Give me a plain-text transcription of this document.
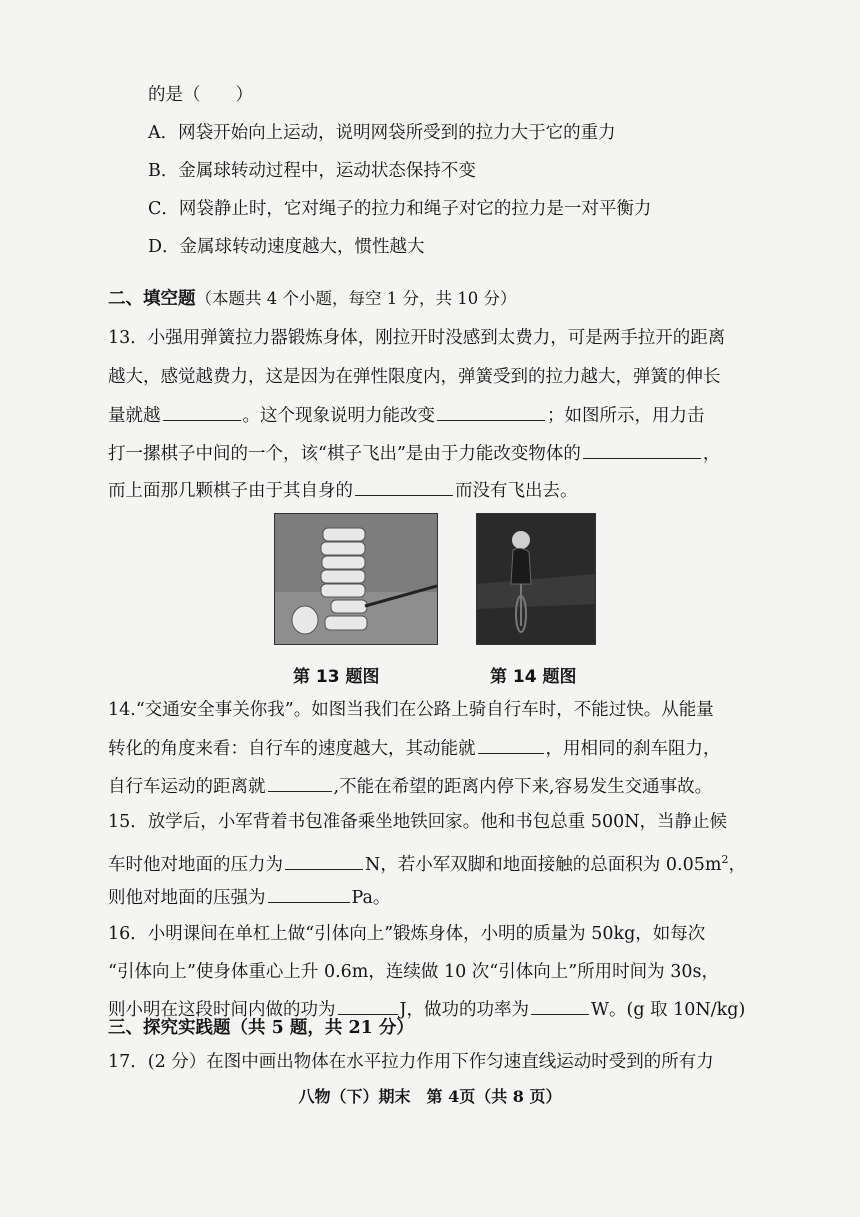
的是（　　）
A．网袋开始向上运动，说明网袋所受到的拉力大于它的重力
B．金属球转动过程中，运动状态保持不变
C．网袋静止时，它对绳子的拉力和绳子对它的拉力是一对平衡力
D．金属球转动速度越大，惯性越大
二、填空题（本题共 4 个小题，每空 1 分，共 10 分）
13．小强用弹簧拉力器锻炼身体，刚拉开时没感到太费力，可是两手拉开的距离
越大，感觉越费力，这是因为在弹性限度内，弹簧受到的拉力越大，弹簧的伸长
量就越	。这个现象说明力能改变	；如图所示，用力击
打一摞棋子中间的一个，该“棋子飞出”是由于力能改变物体的	，
而上面那几颗棋子由于其自身的	而没有飞出去。
第 13 题图	第 14 题图
14.“交通安全事关你我”。如图当我们在公路上骑自行车时，不能过快。从能量
转化的角度来看：自行车的速度越大，其动能就	，用相同的刹车阻力，
自行车运动的距离就	,不能在希望的距离内停下来,容易发生交通事故。
15．放学后，小军背着书包准备乘坐地铁回家。他和书包总重 500N，当静止候
车时他对地面的压力为	N，若小军双脚和地面接触的总面积为 $0.05m^2$，
则他对地面的压强为	Pa。
16．小明课间在单杠上做“引体向上”锻炼身体，小明的质量为 50kg，如每次
“引体向上”使身体重心上升 0.6m，连续做 10 次“引体向上”所用时间为 30s，
则小明在这段时间内做的功为	J，做功的功率为	W。(g 取 10N/kg)
三、探究实践题（共 5 题，共 21 分）
17．(2 分）在图中画出物体在水平拉力作用下作匀速直线运动时受到的所有力
八物（下）期末　第 4页（共 8 页）
